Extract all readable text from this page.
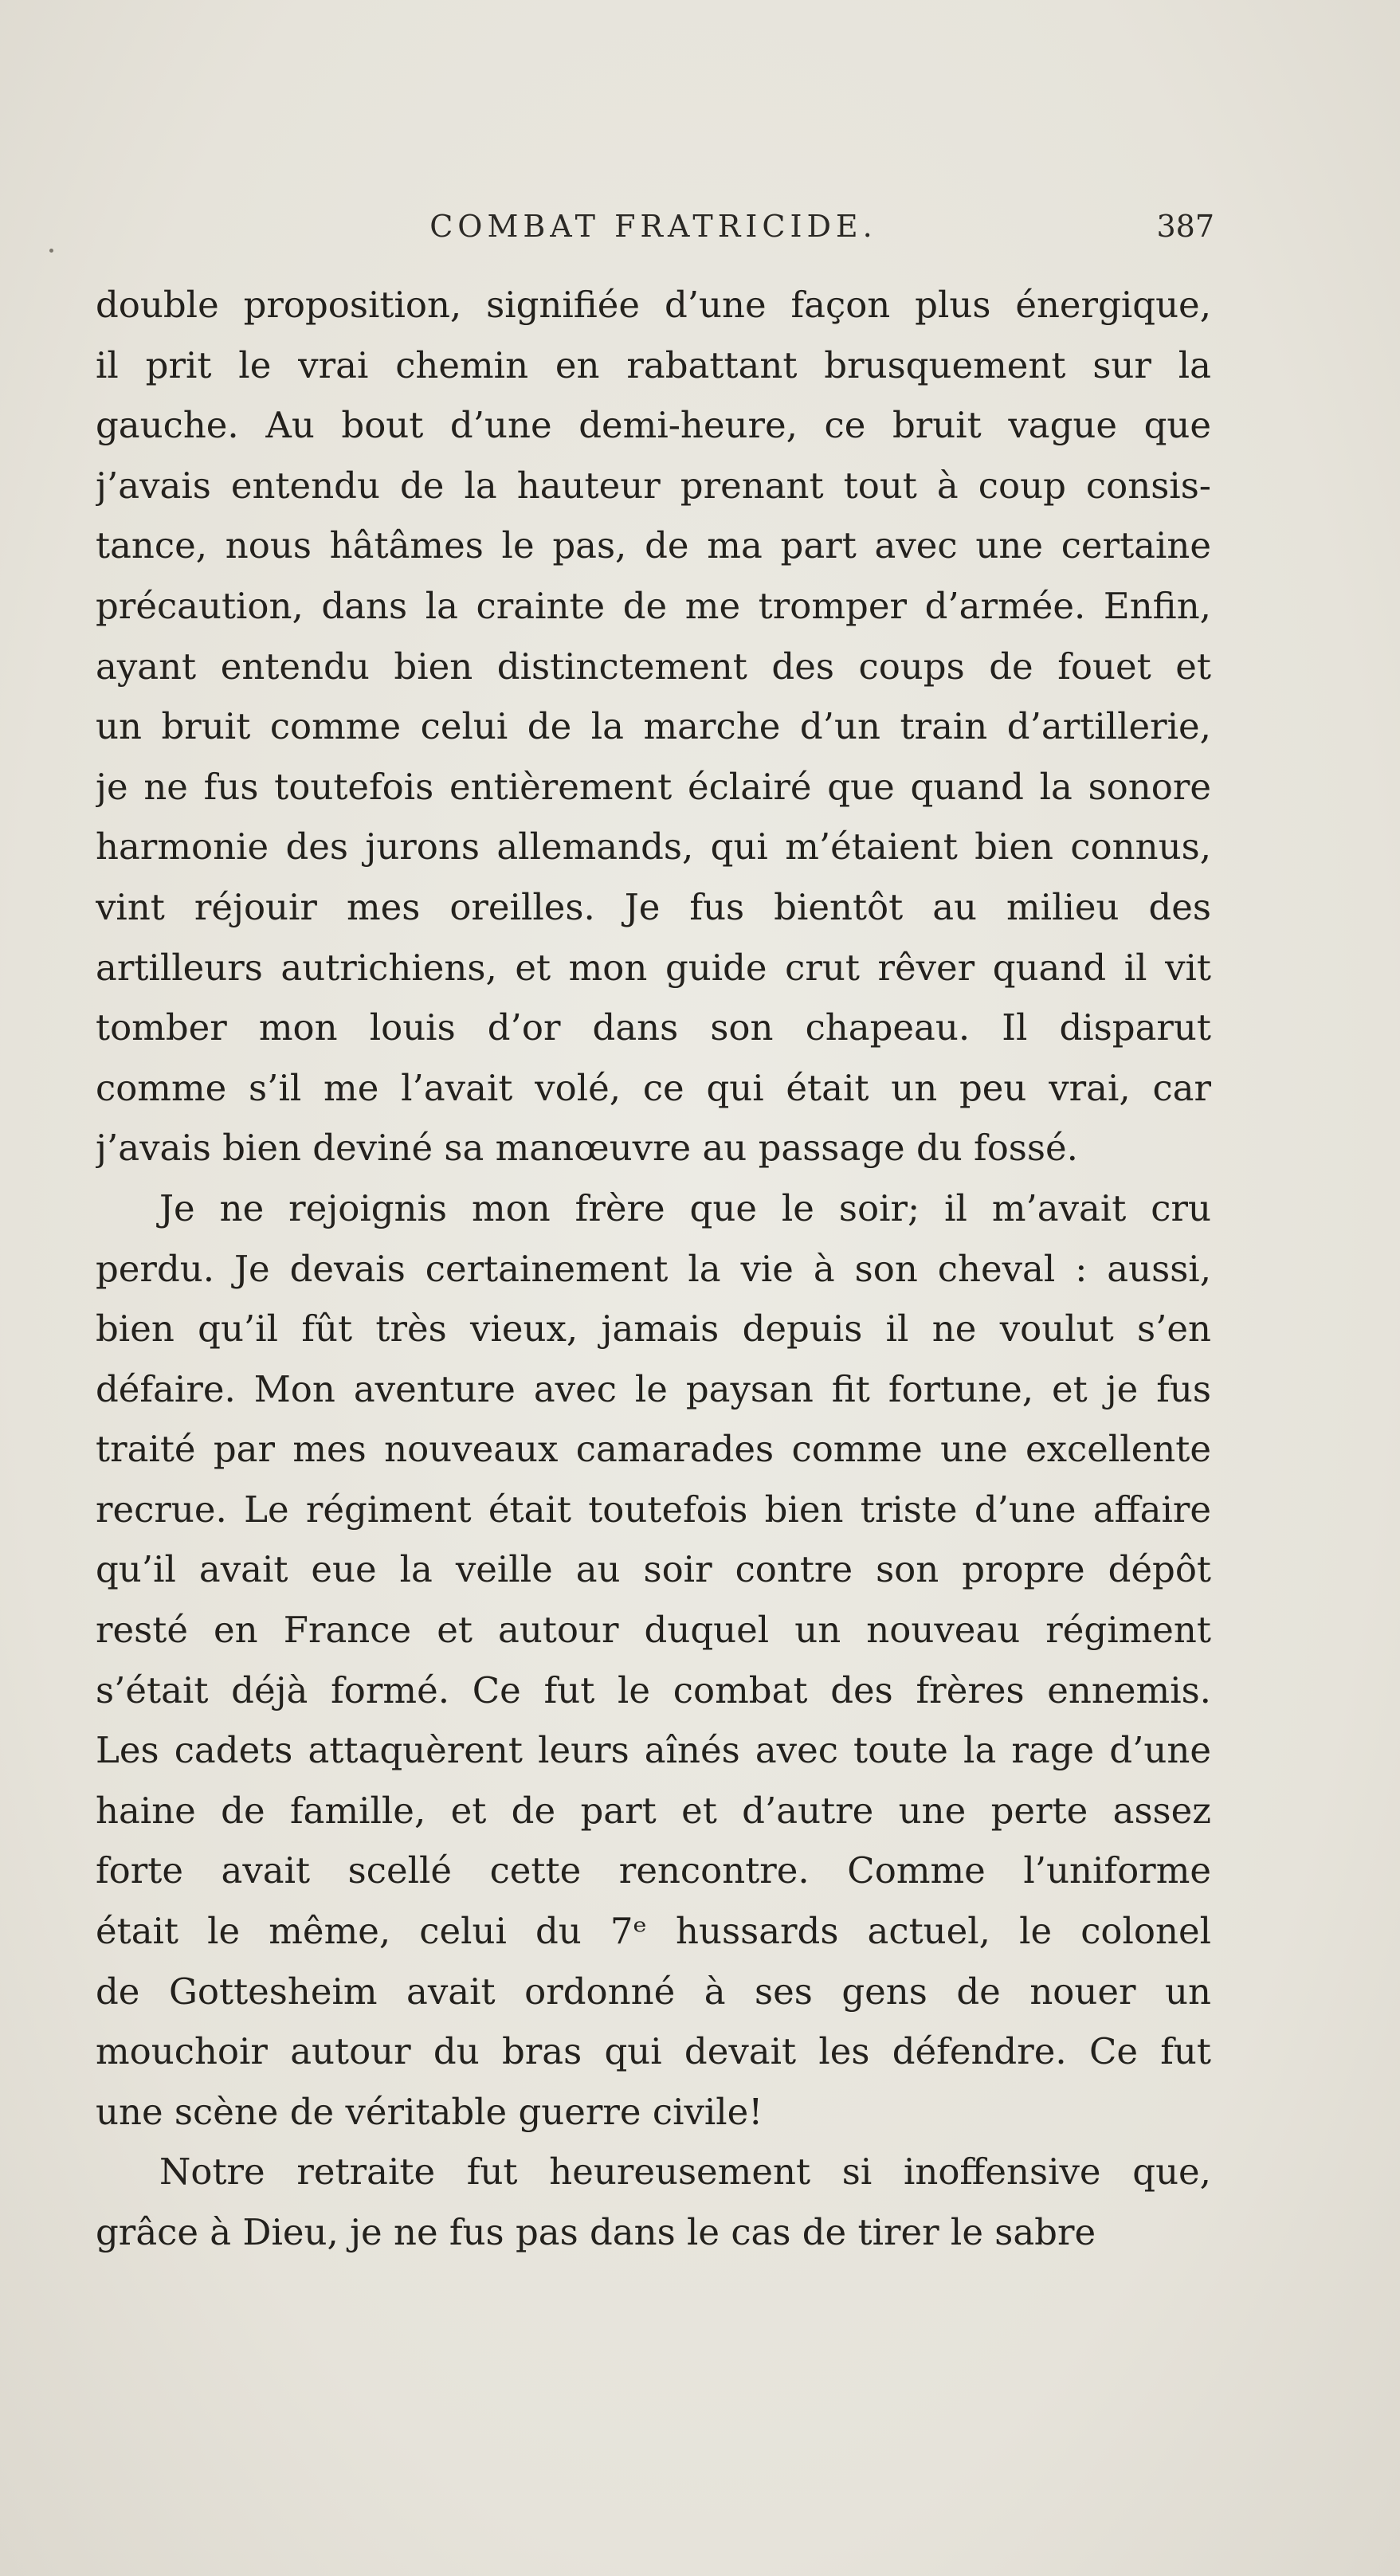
COMBAT FRATRICIDE.	387
double proposition, signifiée d’une façon plus énergique,
il prit le vrai chemin en rabattant brusquement sur la
gauche. Au bout d’une demi-heure, ce bruit vague que
j’avais entendu de la hauteur prenant tout à coup consis-
tance, nous hâtâmes le pas, de ma part avec une certaine
précaution, dans la crainte de me tromper d’armée. Enfin,
ayant entendu bien distinctement des coups de fouet et
un bruit comme celui de la marche d’un train d’artillerie,
je ne fus toutefois entièrement éclairé que quand la sonore
harmonie des jurons allemands, qui m’étaient bien connus,
vint réjouir mes oreilles. Je fus bientôt au milieu des
artilleurs autrichiens, et mon guide crut rêver quand il vit
tomber mon louis d’or dans son chapeau. Il disparut
comme s’il me l’avait volé, ce qui était un peu vrai, car
j’avais bien deviné sa manœuvre au passage du fossé.
Je ne rejoignis mon frère que le soir; il m’avait cru
perdu. Je devais certainement la vie à son cheval : aussi,
bien qu’il fût très vieux, jamais depuis il ne voulut s’en
défaire. Mon aventure avec le paysan fit fortune, et je fus
traité par mes nouveaux camarades comme une excellente
recrue. Le régiment était toutefois bien triste d’une affaire
qu’il avait eue la veille au soir contre son propre dépôt
resté en France et autour duquel un nouveau régiment
s’était déjà formé. Ce fut le combat des frères ennemis.
Les cadets attaquèrent leurs aînés avec toute la rage d’une
haine de famille, et de part et d’autre une perte assez
forte avait scellé cette rencontre. Comme l’uniforme
était le même, celui du 7ᵉ hussards actuel, le colonel
de Gottesheim avait ordonné à ses gens de nouer un
mouchoir autour du bras qui devait les défendre. Ce fut
une scène de véritable guerre civile!
Notre retraite fut heureusement si inoffensive que,
grâce à Dieu, je ne fus pas dans le cas de tirer le sabre
